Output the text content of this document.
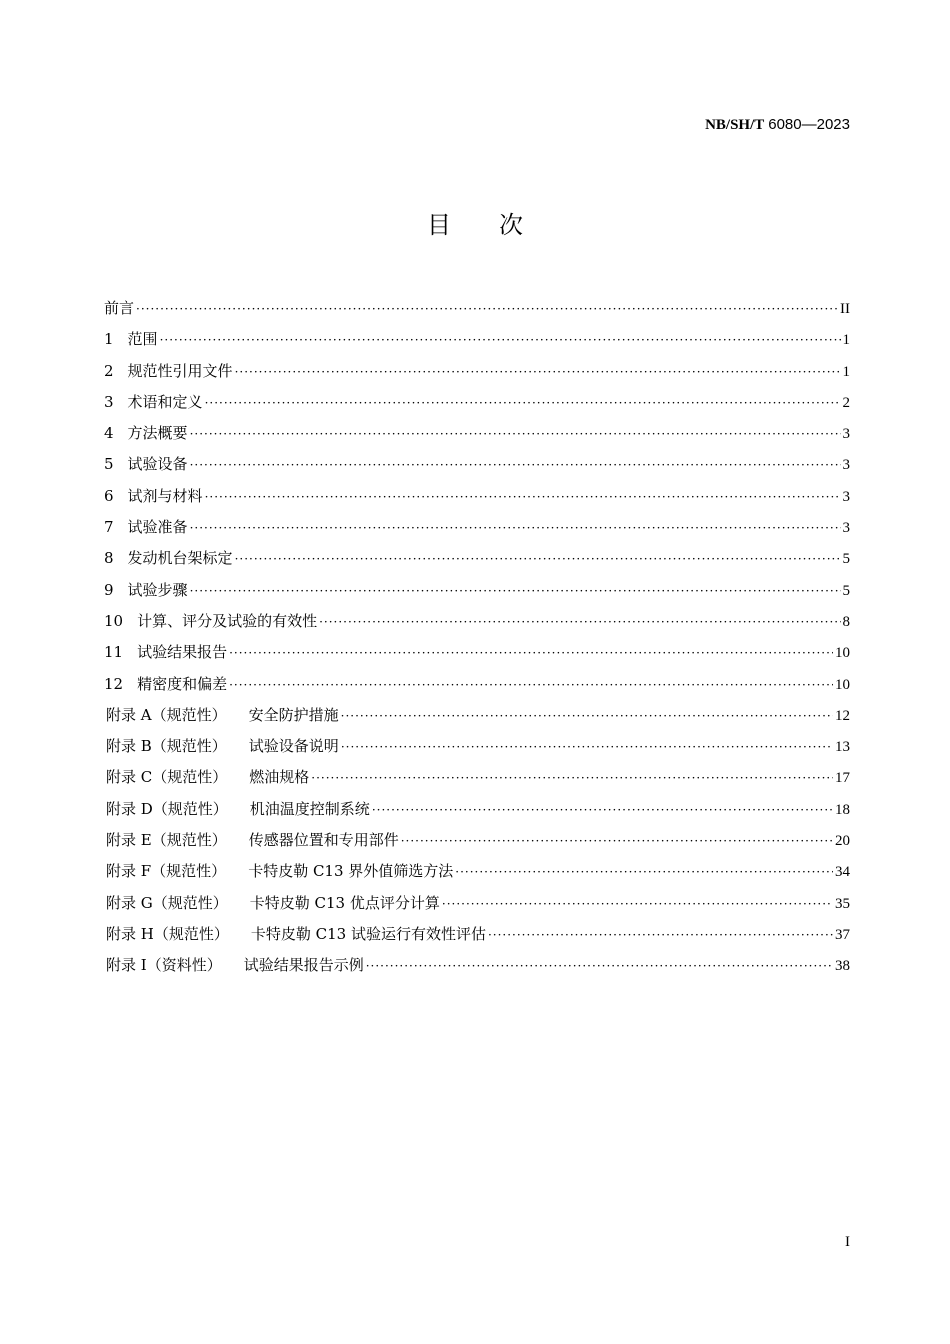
NB/SH/T 6080—2023
目次
前言 ·····	II
1 范围 ·····	1
2 规范性引用文件 ·····	1
3 术语和定义 ·····	2
4 方法概要 ·····	3
5 试验设备 ·····	3
6 试剂与材料 ·····	3
7 试验准备 ·····	3
8 发动机台架标定 ·····	5
9 试验步骤 ·····	5
10 计算、评分及试验的有效性 ·····	8
11 试验结果报告 ·····	10
12 精密度和偏差 ·····	10
附录 A（规范性） 安全防护措施 ·····	12
附录 B（规范性） 试验设备说明 ·····	13
附录 C（规范性） 燃油规格 ·····	17
附录 D（规范性） 机油温度控制系统 ·····	18
附录 E（规范性） 传感器位置和专用部件 ·····	20
附录 F（规范性） 卡特皮勒 C13 界外值筛选方法 ·····	34
附录 G（规范性） 卡特皮勒 C13 优点评分计算 ·····	35
附录 H（规范性） 卡特皮勒 C13 试验运行有效性评估 ·····	37
附录 I（资料性） 试验结果报告示例 ·····	38
I
